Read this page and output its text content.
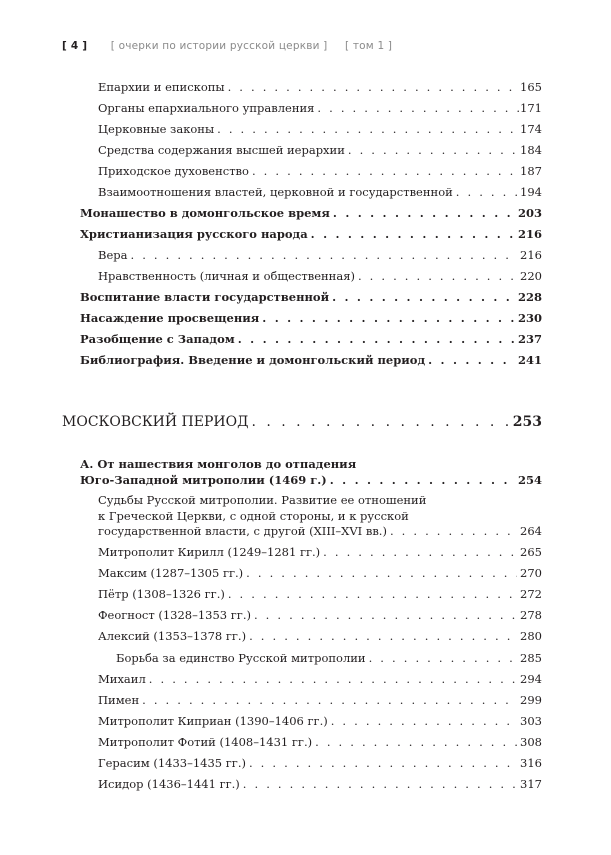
[ 4 ] [ очерки по истории русской церкви ] [ том 1 ]
Епархии и епископы . . .	165
Органы епархиального управления . . .	.171
Церковные законы . . .	174
Средства содержания высшей иерархии . . .	184
Приходское духовенство . . .	187
Взаимоотношения властей, церковной и государственной . . .	194
Монашество в домонгольское время . . .	203
Христианизация русского народа . . .	216
Вера . . .	216
Нравственность (личная и общественная) . . .	220
Воспитание власти государственной . . .	228
Насаждение просвещения . . .	230
Разобщение с Западом . . .	237
Библиография. Введение и домонгольский период . . .	241
МОСКОВСКИЙ ПЕРИОД . . .	253
А. От нашествия монголов до отпадения
Юго-Западной митрополии (1469 г.) . . .	254
Судьбы Русской митрополии. Развитие ее отношений
к Греческой Церкви, с одной стороны, и к русской
государственной власти, с другой (XIII–XVI вв.) . . .	264
Митрополит Кирилл (1249–1281 гг.) . . .	265
Максим (1287–1305 гг.) . . .	270
Пётр (1308–1326 гг.) . . .	272
Феогност (1328–1353 гг.) . . .	278
Алексий (1353–1378 гг.) . . .	280
Борьба за единство Русской митрополии . . .	285
Михаил . . .	294
Пимен . . .	299
Митрополит Киприан (1390–1406 гг.) . . .	303
Митрополит Фотий (1408–1431 гг.) . . .	308
Герасим (1433–1435 гг.) . . .	316
Исидор (1436–1441 гг.) . . .	317
